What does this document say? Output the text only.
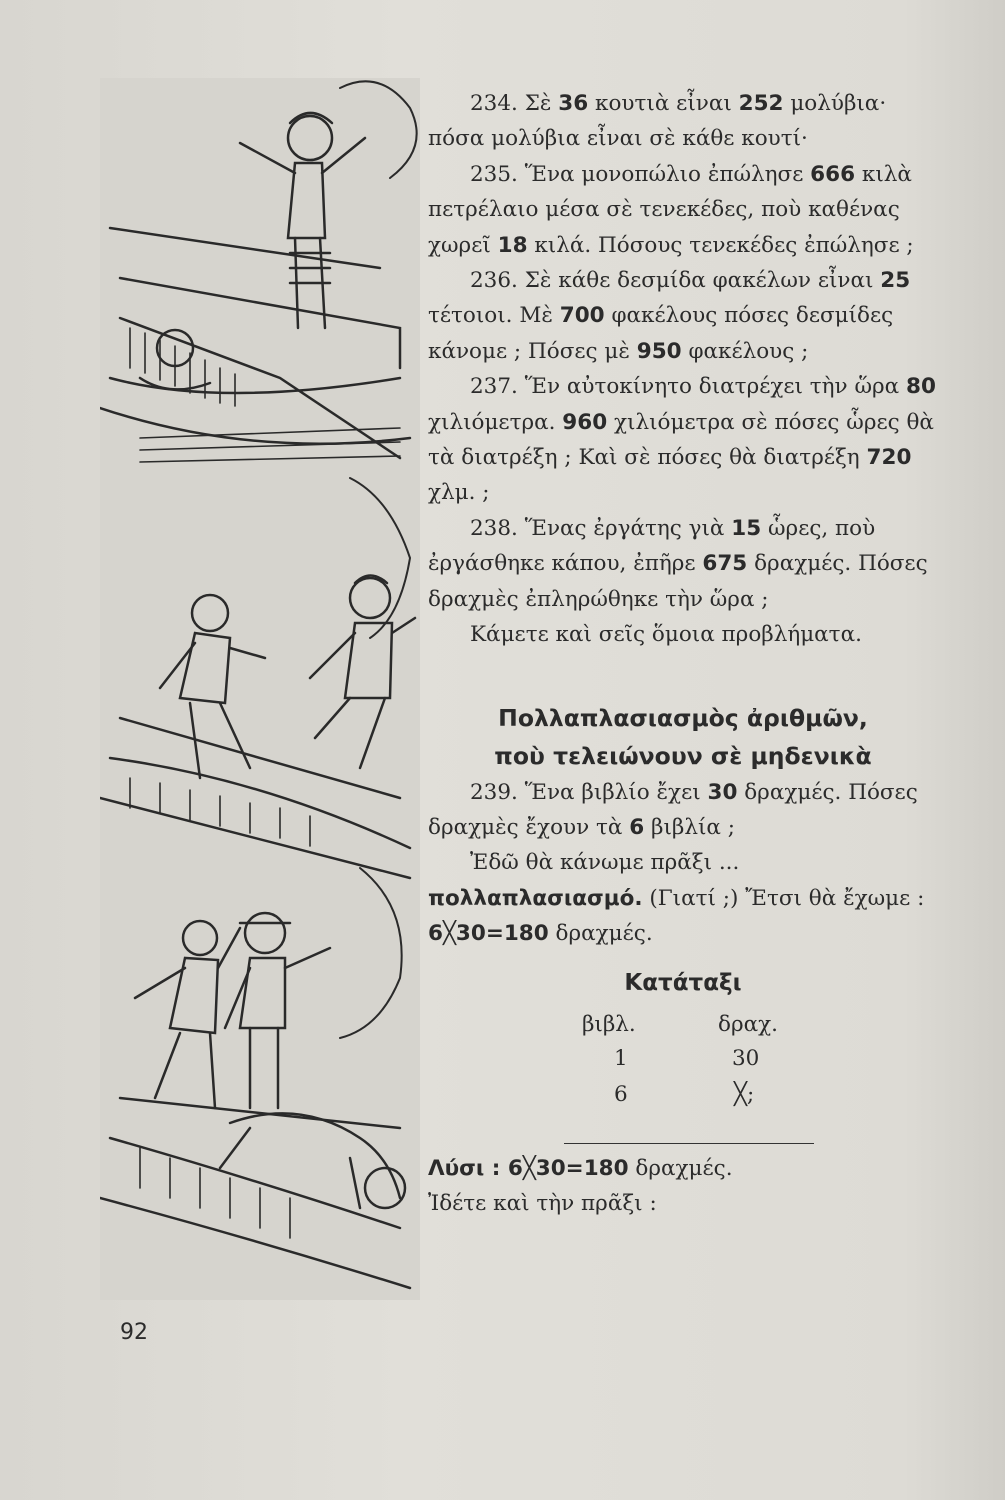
234. Σὲ 36 κουτιὰ εἶναι 252 μολύβια· πόσα μολύβια εἶναι σὲ κάθε κουτί·

235. Ἕνα μονοπώλιο ἐπώλησε 666 κιλὰ πετρέλαιο μέσα σὲ τενεκέδες, ποὺ καθένας χωρεῖ 18 κιλά. Πόσους τενεκέδες ἐπώλησε ;

236. Σὲ κάθε δεσμίδα φακέλων εἶναι 25 τέτοιοι. Μὲ 700 φακέλους πόσες δεσμίδες κάνομε ; Πόσες μὲ 950 φακέλους ;

237. Ἕν αὐτοκίνητο διατρέχει τὴν ὥρα 80 χιλιόμετρα. 960 χιλιόμετρα σὲ πόσες ὧρες θὰ τὰ διατρέξη ; Καὶ σὲ πόσες θὰ διατρέξη 720 χλμ. ;

238. Ἕνας ἐργάτης γιὰ 15 ὧρες, ποὺ ἐργάσθηκε κάπου, ἐπῆρε 675 δραχμές. Πόσες δραχμὲς ἐπληρώθηκε τὴν ὥρα ;

Κάμετε καὶ σεῖς ὅμοια προβλήματα.

Πολλαπλασιασμὸς ἀριθμῶν,
ποὺ τελειώνουν σὲ μηδενικὰ

239. Ἕνα βιβλίο ἔχει 30 δραχμές. Πόσες δραχμὲς ἔχουν τὰ 6 βιβλία ;

Ἐδῶ θὰ κάνωμε πρᾶξι ... πολλαπλασιασμό. (Γιατί ;) Ἔτσι θὰ ἔχωμε :

6╳30=180 δραχμές.

Κατάταξι
βιβλ.	δραχ.
1	30
6	╳;

Λύσι : 6╳30=180 δραχμές.

Ἰδέτε καὶ τὴν πρᾶξι :

92
